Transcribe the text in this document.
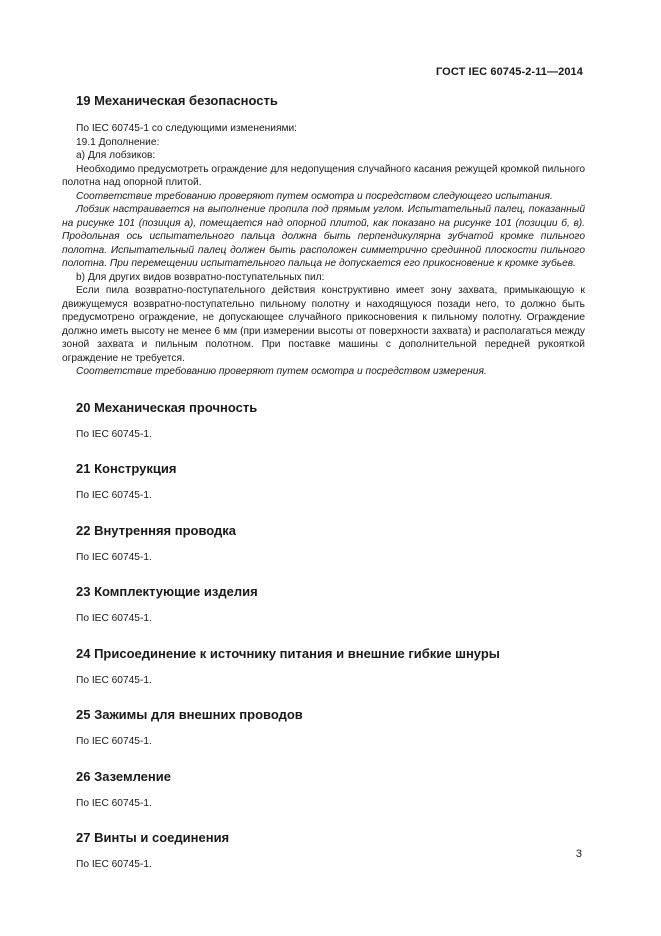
ГОСТ IEC 60745-2-11—2014
19 Механическая безопасность

По IEC 60745-1 со следующими изменениями:

19.1 Дополнение:

а) Для лобзиков:

Необходимо предусмотреть ограждение для недопущения случайного касания режущей кромкой пильного полотна над опорной плитой.

Соответствие требованию проверяют путем осмотра и посредством следующего испытания.

Лобзик настраивается на выполнение пропила под прямым углом. Испытательный палец, показанный на рисунке 101 (позиция а), помещается над опорной плитой, как показано на рисунке 101 (позиции б, в). Продольная ось испытательного пальца должна быть перпендикулярна зубчатой кромке пильного полотна. Испытательный палец должен быть расположен симметрично срединной плоскости пильного полотна. При перемещении испытательного пальца не допускается его прикосновение к кромке зубьев.

b) Для других видов возвратно-поступательных пил:

Если пила возвратно-поступательного действия конструктивно имеет зону захвата, примыкающую к движущемуся возвратно-поступательно пильному полотну и находящуюся позади него, то должно быть предусмотрено ограждение, не допускающее случайного прикосновения к пильному полотну. Ограждение должно иметь высоту не менее 6 мм (при измерении высоты от поверхности захвата) и располагаться между зоной захвата и пильным полотном. При поставке машины с дополнительной передней рукояткой ограждение не требуется.

Соответствие требованию проверяют путем осмотра и посредством измерения.

20 Механическая прочность

По IEC 60745-1.

21 Конструкция

По IEC 60745-1.

22 Внутренняя проводка

По IEC 60745-1.

23 Комплектующие изделия

По IEC 60745-1.

24 Присоединение к источнику питания и внешние гибкие шнуры

По IEC 60745-1.

25 Зажимы для внешних проводов

По IEC 60745-1.

26 Заземление

По IEC 60745-1.

27 Винты и соединения

По IEC 60745-1.

3
